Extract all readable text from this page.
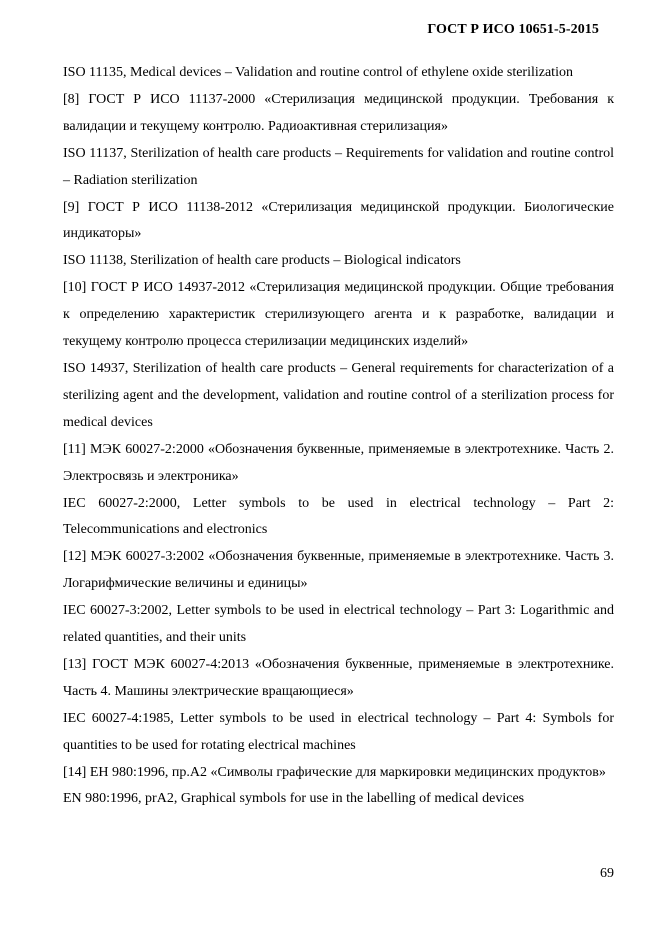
ГОСТ Р ИСО 10651-5-2015

ISO 11135, Medical devices – Validation and routine control of ethylene oxide sterilization

[8] ГОСТ Р ИСО 11137-2000 «Стерилизация медицинской продукции. Требования к валидации и текущему контролю. Радиоактивная стерилизация»

ISO 11137, Sterilization of health care products – Requirements for validation and routine control – Radiation sterilization

[9] ГОСТ Р ИСО 11138-2012 «Стерилизация медицинской продукции. Биологические индикаторы»

ISO 11138, Sterilization of health care products – Biological indicators

[10] ГОСТ Р ИСО 14937-2012 «Стерилизация медицинской продукции. Общие требования к определению характеристик стерилизующего агента и к разработке, валидации и текущему контролю процесса стерилизации медицинских изделий»

ISO 14937, Sterilization of health care products – General requirements for characterization of a sterilizing agent and the development, validation and routine control of a sterilization process for medical devices

[11] МЭК 60027-2:2000 «Обозначения буквенные, применяемые в электротехнике. Часть 2. Электросвязь и электроника»

IEC 60027-2:2000, Letter symbols to be used in electrical technology – Part 2: Telecommunications and electronics

[12] МЭК 60027-3:2002 «Обозначения буквенные, применяемые в электротехнике. Часть 3. Логарифмические величины и единицы»

IEC 60027-3:2002, Letter symbols to be used in electrical technology – Part 3: Logarithmic and related quantities, and their units

[13] ГОСТ МЭК 60027-4:2013 «Обозначения буквенные, применяемые в электротехнике. Часть 4. Машины электрические вращающиеся»

IEC 60027-4:1985, Letter symbols to be used in electrical technology – Part 4: Symbols for quantities to be used for rotating electrical machines

[14] ЕН 980:1996, пр.А2 «Символы графические для маркировки медицинских продуктов»

EN 980:1996, prA2, Graphical symbols for use in the labelling of medical devices

69
